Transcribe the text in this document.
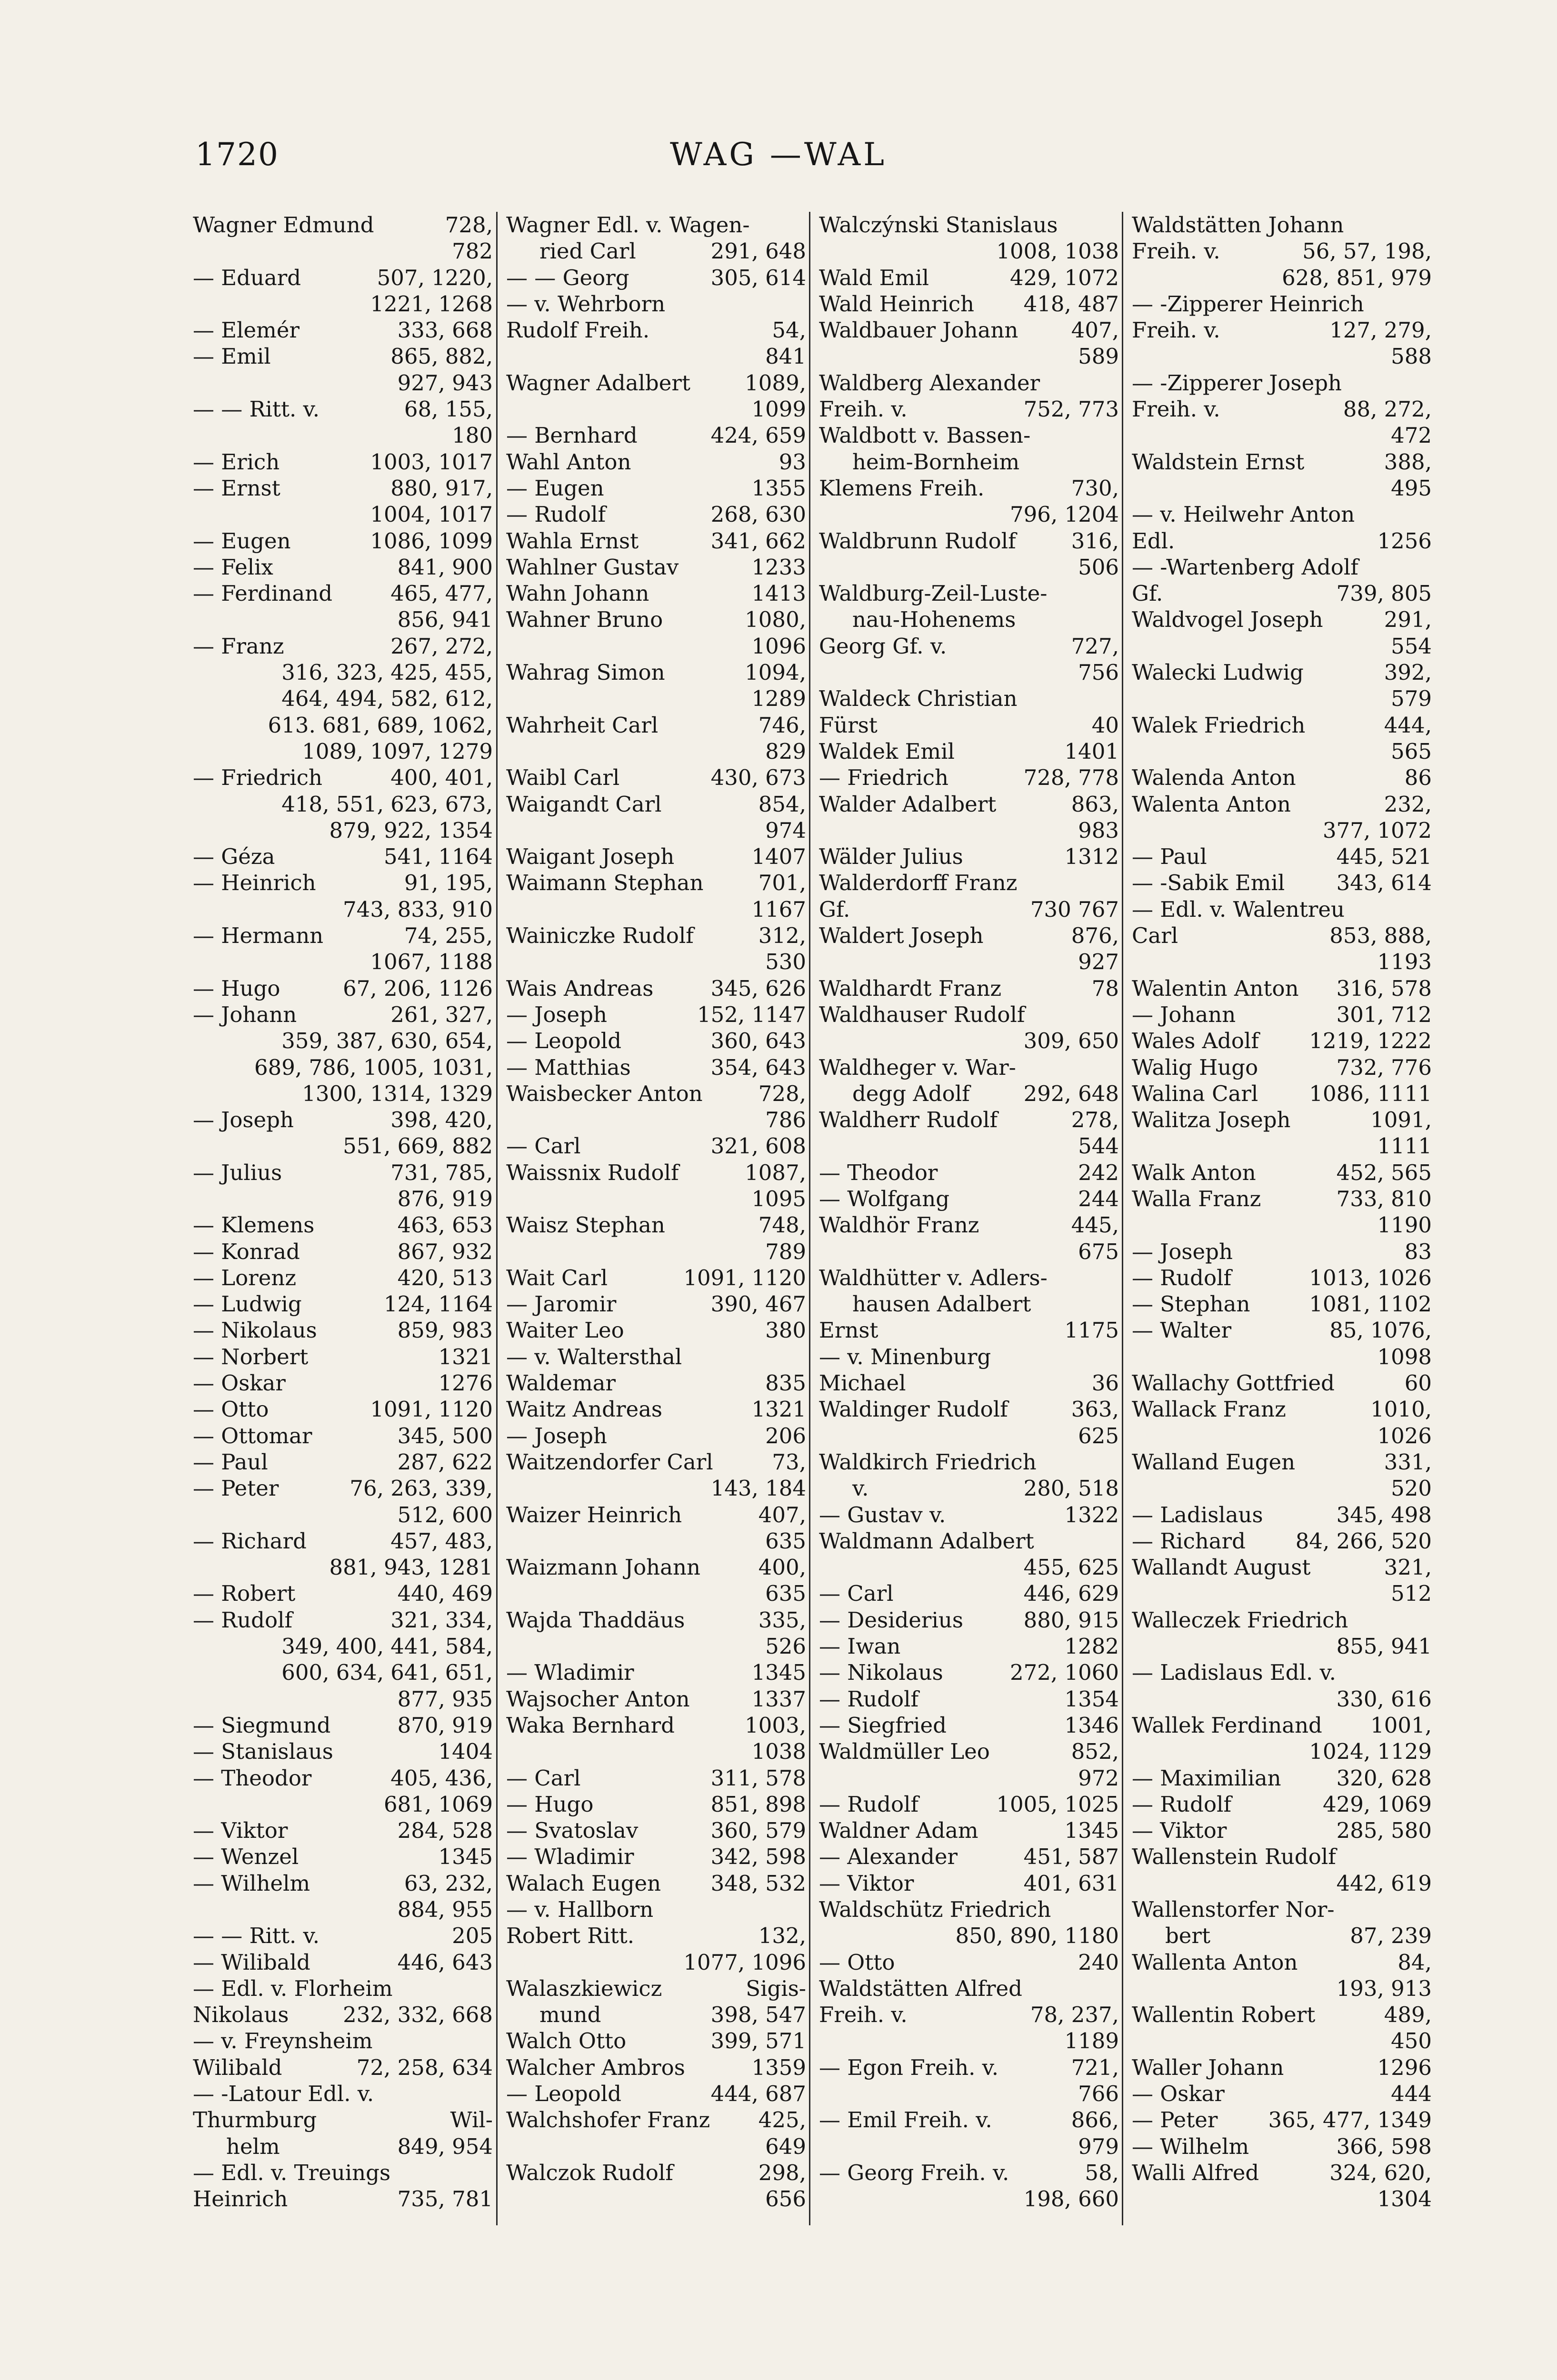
1720	WAG —WAL
Wagner Edmund	728,
782
— Eduard	507, 1220,
1221, 1268
— Elemér	333, 668
— Emil	865, 882,
927, 943
— — Ritt. v.	68, 155,
180
— Erich	1003, 1017
— Ernst	880, 917,
1004, 1017
— Eugen	1086, 1099
— Felix	841, 900
— Ferdinand	465, 477,
856, 941
— Franz	267, 272,
316, 323, 425, 455,
464, 494, 582, 612,
613. 681, 689, 1062,
1089, 1097, 1279
— Friedrich	400, 401,
418, 551, 623, 673,
879, 922, 1354
— Géza	541, 1164
— Heinrich	91, 195,
743, 833, 910
— Hermann	74, 255,
1067, 1188
— Hugo	67, 206, 1126
— Johann	261, 327,
359, 387, 630, 654,
689, 786, 1005, 1031,
1300, 1314, 1329
— Joseph	398, 420,
551, 669, 882
— Julius	731, 785,
876, 919
— Klemens	463, 653
— Konrad	867, 932
— Lorenz	420, 513
— Ludwig	124, 1164
— Nikolaus	859, 983
— Norbert	1321
— Oskar	1276
— Otto	1091, 1120
— Ottomar	345, 500
— Paul	287, 622
— Peter	76, 263, 339,
512, 600
— Richard	457, 483,
881, 943, 1281
— Robert	440, 469
— Rudolf	321, 334,
349, 400, 441, 584,
600, 634, 641, 651,
877, 935
— Siegmund	870, 919
— Stanislaus	1404
— Theodor	405, 436,
681, 1069
— Viktor	284, 528
— Wenzel	1345
— Wilhelm	63, 232,
884, 955
— — Ritt. v.	205
— Wilibald	446, 643
— Edl. v. Florheim
Nikolaus	232, 332, 668
— v. Freynsheim
Wilibald	72, 258, 634
— -Latour Edl. v.
Thurmburg	Wil-
helm	849, 954
— Edl. v. Treuings
Heinrich	735, 781
Wagner Edl. v. Wagen-
ried Carl	291, 648
— — Georg	305, 614
— v. Wehrborn
Rudolf Freih.	54,
841
Wagner Adalbert	1089,
1099
— Bernhard	424, 659
Wahl Anton	93
— Eugen	1355
— Rudolf	268, 630
Wahla Ernst	341, 662
Wahlner Gustav	1233
Wahn Johann	1413
Wahner Bruno	1080,
1096
Wahrag Simon	1094,
1289
Wahrheit Carl	746,
829
Waibl Carl	430, 673
Waigandt Carl	854,
974
Waigant Joseph	1407
Waimann Stephan	701,
1167
Wainiczke Rudolf	312,
530
Wais Andreas	345, 626
— Joseph	152, 1147
— Leopold	360, 643
— Matthias	354, 643
Waisbecker Anton	728,
786
— Carl	321, 608
Waissnix Rudolf	1087,
1095
Waisz Stephan	748,
789
Wait Carl	1091, 1120
— Jaromir	390, 467
Waiter Leo	380
— v. Waltersthal
Waldemar	835
Waitz Andreas	1321
— Joseph	206
Waitzendorfer Carl	73,
143, 184
Waizer Heinrich	407,
635
Waizmann Johann	400,
635
Wajda Thaddäus	335,
526
— Wladimir	1345
Wajsocher Anton	1337
Waka Bernhard	1003,
1038
— Carl	311, 578
— Hugo	851, 898
— Svatoslav	360, 579
— Wladimir	342, 598
Walach Eugen 348, 532
— v. Hallborn
Robert Ritt.	132,
1077, 1096
Walaszkiewicz	Sigis-
mund	398, 547
Walch Otto	399, 571
Walcher Ambros	1359
— Leopold	444, 687
Walchshofer Franz 425,
649
Walczok Rudolf	298,
656
Walczýnski Stanislaus
1008, 1038
Wald Emil	429, 1072
Wald Heinrich 418, 487
Waldbauer Johann 407,
589
Waldberg Alexander
Freih. v.	752, 773
Waldbott v. Bassen-
heim-Bornheim
Klemens Freih.	730,
796, 1204
Waldbrunn Rudolf	316,
506
Waldburg-Zeil-Luste-
nau-Hohenems
Georg Gf. v.	727,
756
Waldeck Christian
Fürst	40
Waldek Emil	1401
— Friedrich	728, 778
Walder Adalbert	863,
983
Wälder Julius	1312
Walderdorff Franz
Gf.	730 767
Waldert Joseph	876,
927
Waldhardt Franz	78
Waldhauser Rudolf
309, 650
Waldheger v. War-
degg Adolf	292, 648
Waldherr Rudolf	278,
544
— Theodor	242
— Wolfgang	244
Waldhör Franz	445,
675
Waldhütter v. Adlers-
hausen Adalbert
Ernst	1175
— v. Minenburg
Michael	36
Waldinger Rudolf	363,
625
Waldkirch Friedrich
v.	280, 518
— Gustav v.	1322
Waldmann Adalbert
455, 625
— Carl	446, 629
— Desiderius	880, 915
— Iwan	1282
— Nikolaus	272, 1060
— Rudolf	1354
— Siegfried	1346
Waldmüller Leo	852,
972
— Rudolf	1005, 1025
Waldner Adam	1345
— Alexander	451, 587
— Viktor	401, 631
Waldschütz Friedrich
850, 890, 1180
— Otto	240
Waldstätten Alfred
Freih. v.	78, 237,
1189
— Egon Freih. v.	721,
766
— Emil Freih. v.	866,
979
— Georg Freih. v.	58,
198, 660
Waldstätten Johann
Freih. v.	56, 57, 198,
628, 851, 979
— -Zipperer Heinrich
Freih. v.	127, 279,
588
— -Zipperer Joseph
Freih. v.	88, 272,
472
Waldstein Ernst	388,
495
— v. Heilwehr Anton
Edl.	1256
— -Wartenberg Adolf
Gf.	739, 805
Waldvogel Joseph	291,
554
Walecki Ludwig	392,
579
Walek Friedrich	444,
565
Walenda Anton	86
Walenta Anton	232,
377, 1072
— Paul	445, 521
— -Sabik Emil 343, 614
— Edl. v. Walentreu
Carl	853, 888,
1193
Walentin Anton 316, 578
— Johann	301, 712
Wales Adolf 1219, 1222
Walig Hugo	732, 776
Walina Carl 1086, 1111
Walitza Joseph	1091,
1111
Walk Anton	452, 565
Walla Franz	733, 810
1190
— Joseph	83
— Rudolf	1013, 1026
— Stephan	1081, 1102
— Walter	85, 1076,
1098
Wallachy Gottfried	60
Wallack Franz	1010,
1026
Walland Eugen	331,
520
— Ladislaus	345, 498
— Richard 84, 266, 520
Wallandt August	321,
512
Walleczek Friedrich
855, 941
— Ladislaus Edl. v.
330, 616
Wallek Ferdinand 1001,
1024, 1129
— Maximilian	320, 628
— Rudolf	429, 1069
— Viktor	285, 580
Wallenstein Rudolf
442, 619
Wallenstorfer Nor-
bert	87, 239
Wallenta Anton	84,
193, 913
Wallentin Robert	489,
450
Waller Johann	1296
— Oskar	444
— Peter 365, 477, 1349
— Wilhelm	366, 598
Walli Alfred	324, 620,
1304
